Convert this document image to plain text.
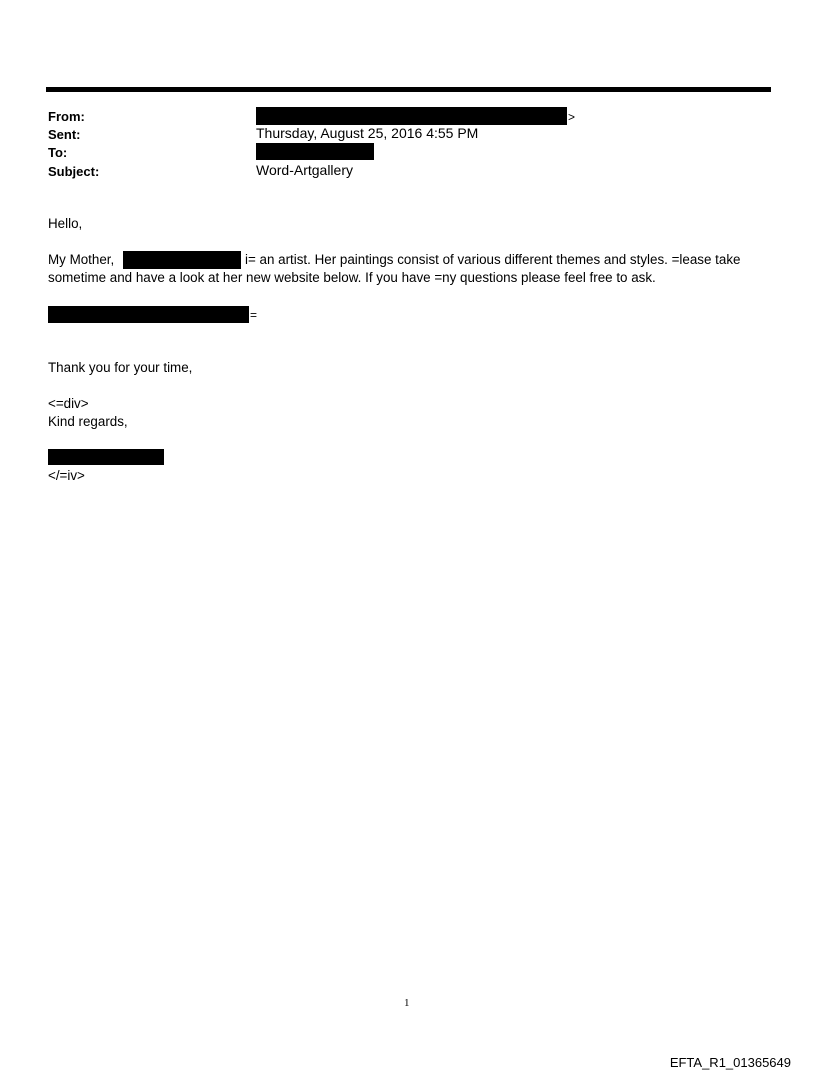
From:	>
Sent:	Thursday, August 25, 2016 4:55 PM
To:
Subject:	Word-Artgallery
Hello,
My Mother,	i= an artist. Her paintings consist of various different themes and styles. =lease take
sometime and have a look at her new website below. If you have =ny questions please feel free to ask.
=
Thank you for your time,
<=div>
Kind regards,
</=iv>
1
EFTA_R1_01365649
